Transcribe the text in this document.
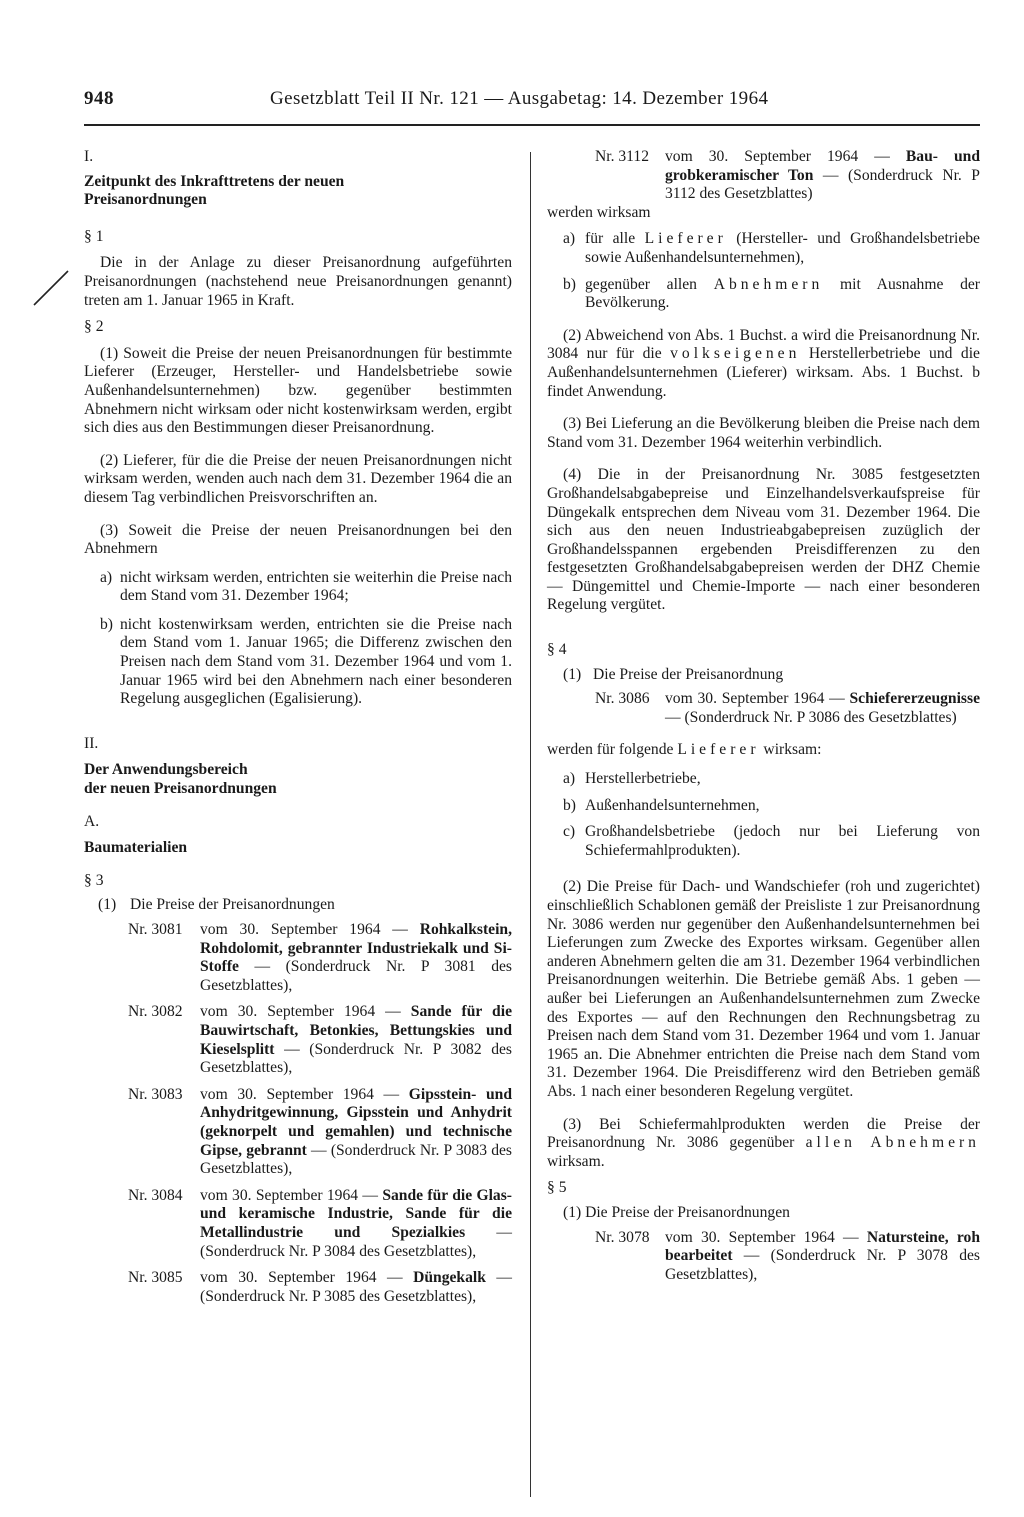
948	Gesetzblatt Teil II Nr. 121 — Ausgabetag: 14. Dezember 1964

I.

Zeitpunkt des Inkrafttretens der neuen

Preisanordnungen

§ 1

Die in der Anlage zu dieser Preisanordnung aufgeführten Preisanordnungen (nachstehend neue Preisanordnungen genannt) treten am 1. Januar 1965 in Kraft.

§ 2

(1) Soweit die Preise der neuen Preisanordnungen für bestimmte Lieferer (Erzeuger, Hersteller- und Handelsbetriebe sowie Außenhandelsunternehmen) bzw. gegenüber bestimmten Abnehmern nicht wirksam oder nicht kostenwirksam werden, ergibt sich dies aus den Bestimmungen dieser Preisanordnung.

(2) Lieferer, für die die Preise der neuen Preisanordnungen nicht wirksam werden, wenden auch nach dem 31. Dezember 1964 die an diesem Tag verbindlichen Preisvorschriften an.

(3) Soweit die Preise der neuen Preisanordnungen bei den Abnehmern

a) nicht wirksam werden, entrichten sie weiterhin die Preise nach dem Stand vom 31. Dezember 1964;
b) nicht kostenwirksam werden, entrichten sie die Preise nach dem Stand vom 1. Januar 1965; die Differenz zwischen den Preisen nach dem Stand vom 31. Dezember 1964 und vom 1. Januar 1965 wird bei den Abnehmern nach einer besonderen Regelung ausgeglichen (Egalisierung).

II.

Der Anwendungsbereich

der neuen Preisanordnungen

A.

Baumaterialien

§ 3

(1) Die Preise der Preisanordnungen
Nr. 3081	vom 30. September 1964 — Rohkalkstein, Rohdolomit, gebrannter Industriekalk und Si-Stoffe — (Sonderdruck Nr. P 3081 des Gesetzblattes),
Nr. 3082	vom 30. September 1964 — Sande für die Bauwirtschaft, Betonkies, Bettungskies und Kieselsplitt — (Sonderdruck Nr. P 3082 des Gesetzblattes),
Nr. 3083	vom 30. September 1964 — Gipsstein- und Anhydritgewinnung, Gipsstein und Anhydrit (geknorpelt und gemahlen) und technische Gipse, gebrannt — (Sonderdruck Nr. P 3083 des Gesetzblattes),
Nr. 3084	vom 30. September 1964 — Sande für die Glas- und keramische Industrie, Sande für die Metallindustrie und Spezialkies — (Sonderdruck Nr. P 3084 des Gesetzblattes),
Nr. 3085	vom 30. September 1964 — Düngekalk — (Sonderdruck Nr. P 3085 des Gesetzblattes),
Nr. 3112	vom 30. September 1964 — Bau- und grobkeramischer Ton — (Sonderdruck Nr. P 3112 des Gesetzblattes)

werden wirksam

a) für alle Lieferer (Hersteller- und Großhandelsbetriebe sowie Außenhandelsunternehmen),
b) gegenüber allen Abnehmern mit Ausnahme der Bevölkerung.

(2) Abweichend von Abs. 1 Buchst. a wird die Preisanordnung Nr. 3084 nur für die volkseigenen Herstellerbetriebe und die Außenhandelsunternehmen (Lieferer) wirksam. Abs. 1 Buchst. b findet Anwendung.

(3) Bei Lieferung an die Bevölkerung bleiben die Preise nach dem Stand vom 31. Dezember 1964 weiterhin verbindlich.

(4) Die in der Preisanordnung Nr. 3085 festgesetzten Großhandelsabgabepreise und Einzelhandelsverkaufspreise für Düngekalk entsprechen dem Niveau vom 31. Dezember 1964. Die sich aus den neuen Industrieabgabepreisen zuzüglich der Großhandelsspannen ergebenden Preisdifferenzen zu den festgesetzten Großhandelsabgabepreisen werden der DHZ Chemie — Düngemittel und Chemie-Importe — nach einer besonderen Regelung vergütet.

§ 4

(1) Die Preise der Preisanordnung
Nr. 3086 vom 30. September 1964 — Schiefererzeugnisse — (Sonderdruck Nr. P 3086 des Gesetzblattes)

werden für folgende Lieferer wirksam:

a) Herstellerbetriebe,
b) Außenhandelsunternehmen,
c) Großhandelsbetriebe (jedoch nur bei Lieferung von Schiefermahlprodukten).

(2) Die Preise für Dach- und Wandschiefer (roh und zugerichtet) einschließlich Schablonen gemäß der Preisliste 1 zur Preisanordnung Nr. 3086 werden nur gegenüber den Außenhandelsunternehmen bei Lieferungen zum Zwecke des Exportes wirksam. Gegenüber allen anderen Abnehmern gelten die am 31. Dezember 1964 verbindlichen Preisanordnungen weiterhin. Die Betriebe gemäß Abs. 1 geben — außer bei Lieferungen an Außenhandelsunternehmen zum Zwecke des Exportes — auf den Rechnungen den Rechnungsbetrag zu Preisen nach dem Stand vom 31. Dezember 1964 und vom 1. Januar 1965 an. Die Abnehmer entrichten die Preise nach dem Stand vom 31. Dezember 1964. Die Preisdifferenz wird den Betrieben gemäß Abs. 1 nach einer besonderen Regelung vergütet.

(3) Bei Schiefermahlprodukten werden die Preise der Preisanordnung Nr. 3086 gegenüber allen Abnehmern wirksam.

§ 5

(1) Die Preise der Preisanordnungen

Nr. 3078 vom 30. September 1964 — Natursteine, roh bearbeitet — (Sonderdruck Nr. P 3078 des Gesetzblattes),
